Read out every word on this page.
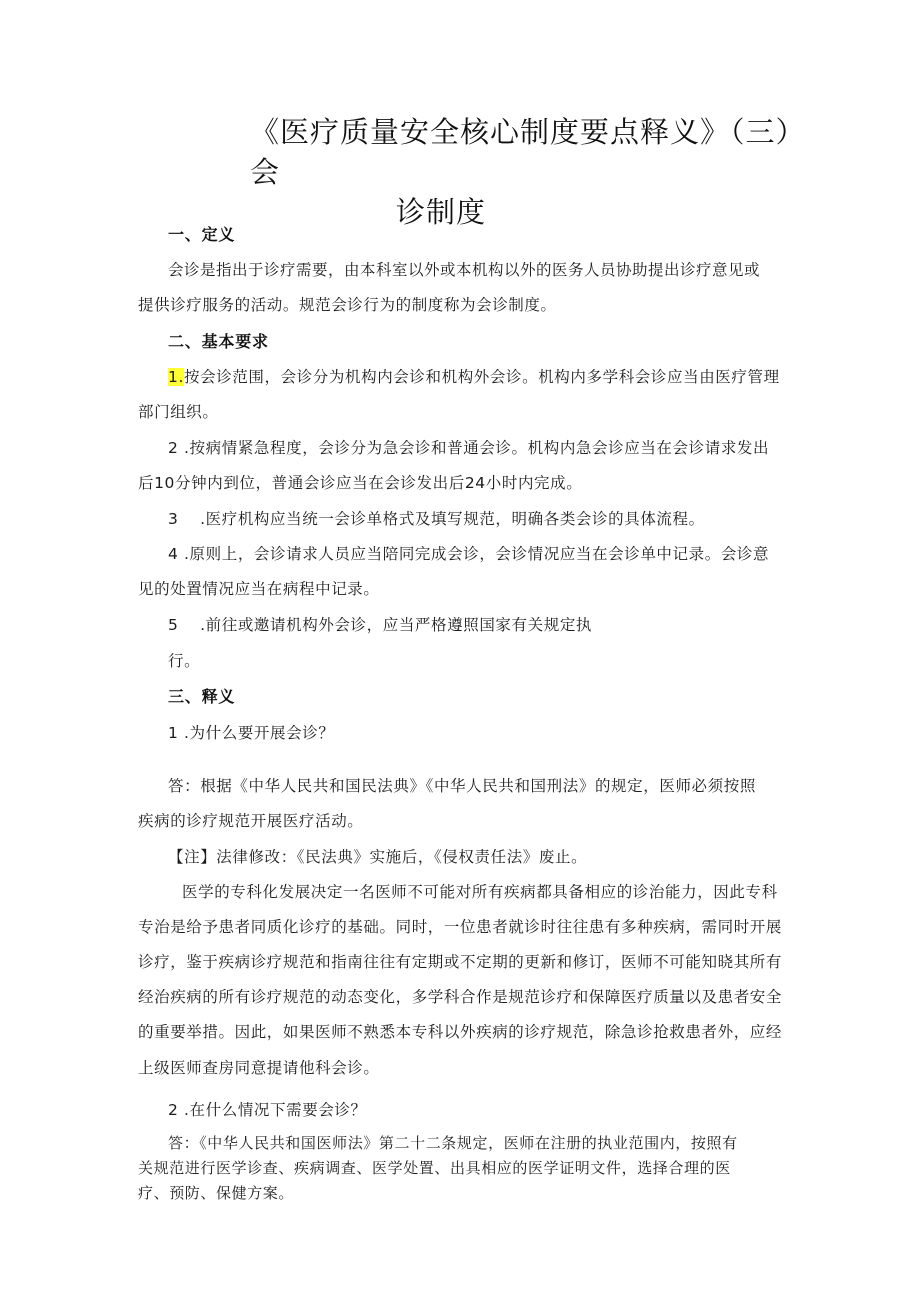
《医疗质量安全核心制度要点释义》（三）会
诊制度
一、定义
会诊是指出于诊疗需要，由本科室以外或本机构以外的医务人员协助提出诊疗意见或
提供诊疗服务的活动。规范会诊行为的制度称为会诊制度。
二、基本要求
1.按会诊范围，会诊分为机构内会诊和机构外会诊。机构内多学科会诊应当由医疗管理
部门组织。
2 .按病情紧急程度，会诊分为急会诊和普通会诊。机构内急会诊应当在会诊请求发出
后10分钟内到位，普通会诊应当在会诊发出后24小时内完成。
3　 .医疗机构应当统一会诊单格式及填写规范，明确各类会诊的具体流程。
4 .原则上，会诊请求人员应当陪同完成会诊，会诊情况应当在会诊单中记录。会诊意
见的处置情况应当在病程中记录。
5　 .前往或邀请机构外会诊，应当严格遵照国家有关规定执
行。
三、释义
1 .为什么要开展会诊？
答：根据《中华人民共和国民法典》《中华人民共和国刑法》的规定，医师必须按照
疾病的诊疗规范开展医疗活动。
【注】法律修改：《民法典》实施后，《侵权责任法》废止。
医学的专科化发展决定一名医师不可能对所有疾病都具备相应的诊治能力，因此专科
专治是给予患者同质化诊疗的基础。同时，一位患者就诊时往往患有多种疾病，需同时开展
诊疗，鉴于疾病诊疗规范和指南往往有定期或不定期的更新和修订，医师不可能知晓其所有
经治疾病的所有诊疗规范的动态变化，多学科合作是规范诊疗和保障医疗质量以及患者安全
的重要举措。因此，如果医师不熟悉本专科以外疾病的诊疗规范，除急诊抢救患者外，应经
上级医师查房同意提请他科会诊。
2 .在什么情况下需要会诊？
答：《中华人民共和国医师法》第二十二条规定，医师在注册的执业范围内，按照有
关规范进行医学诊查、疾病调查、医学处置、出具相应的医学证明文件，选择合理的医
疗、预防、保健方案。
